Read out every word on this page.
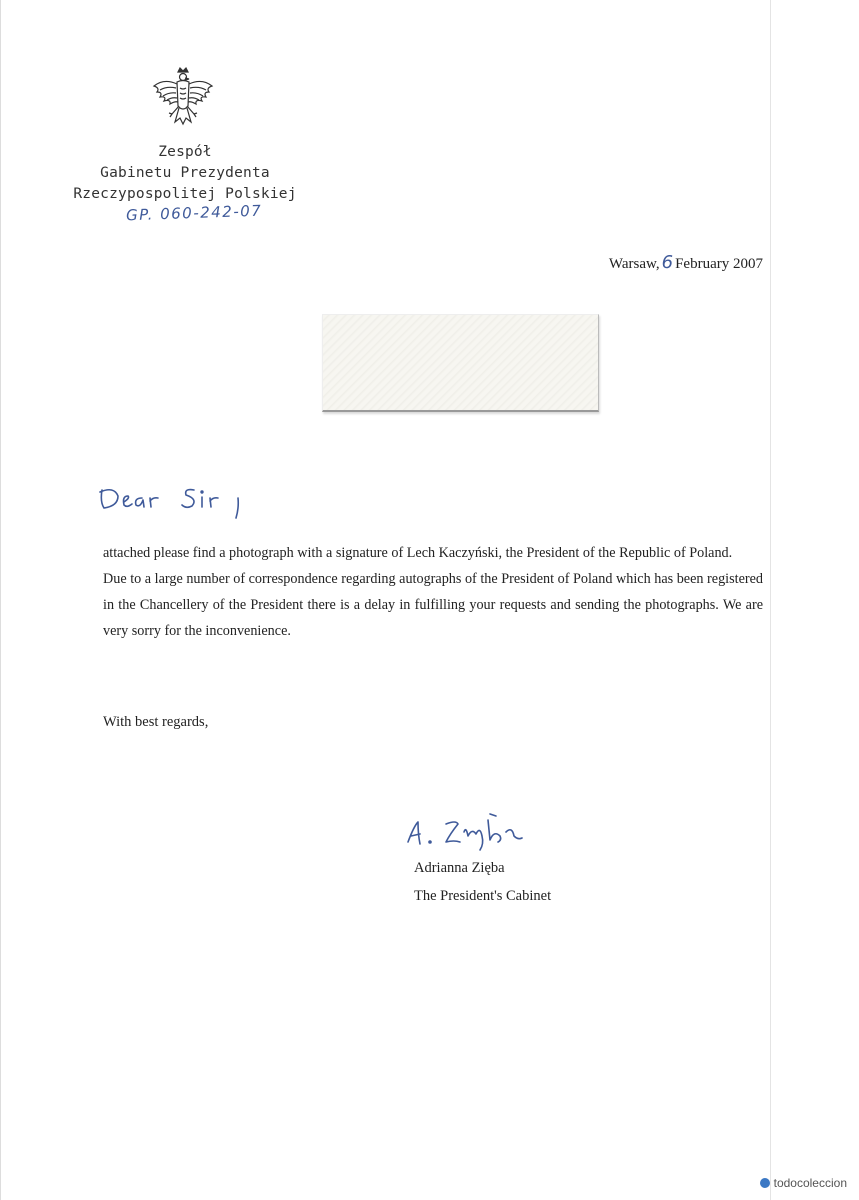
Zespół
Gabinetu Prezydenta
Rzeczypospolitej Polskiej
GP. 060-242-07
Warsaw, 6 February 2007

attached please find a photograph with a signature of Lech Kaczyński, the President of the Republic of Poland.

Due to a large number of correspondence regarding autographs of the President of Poland which has been registered in the Chancellery of the President there is a delay in fulfilling your requests and sending the photographs. We are very sorry for the inconvenience.

With best regards,
Adrianna Zięba
The President's Cabinet
todocoleccion
